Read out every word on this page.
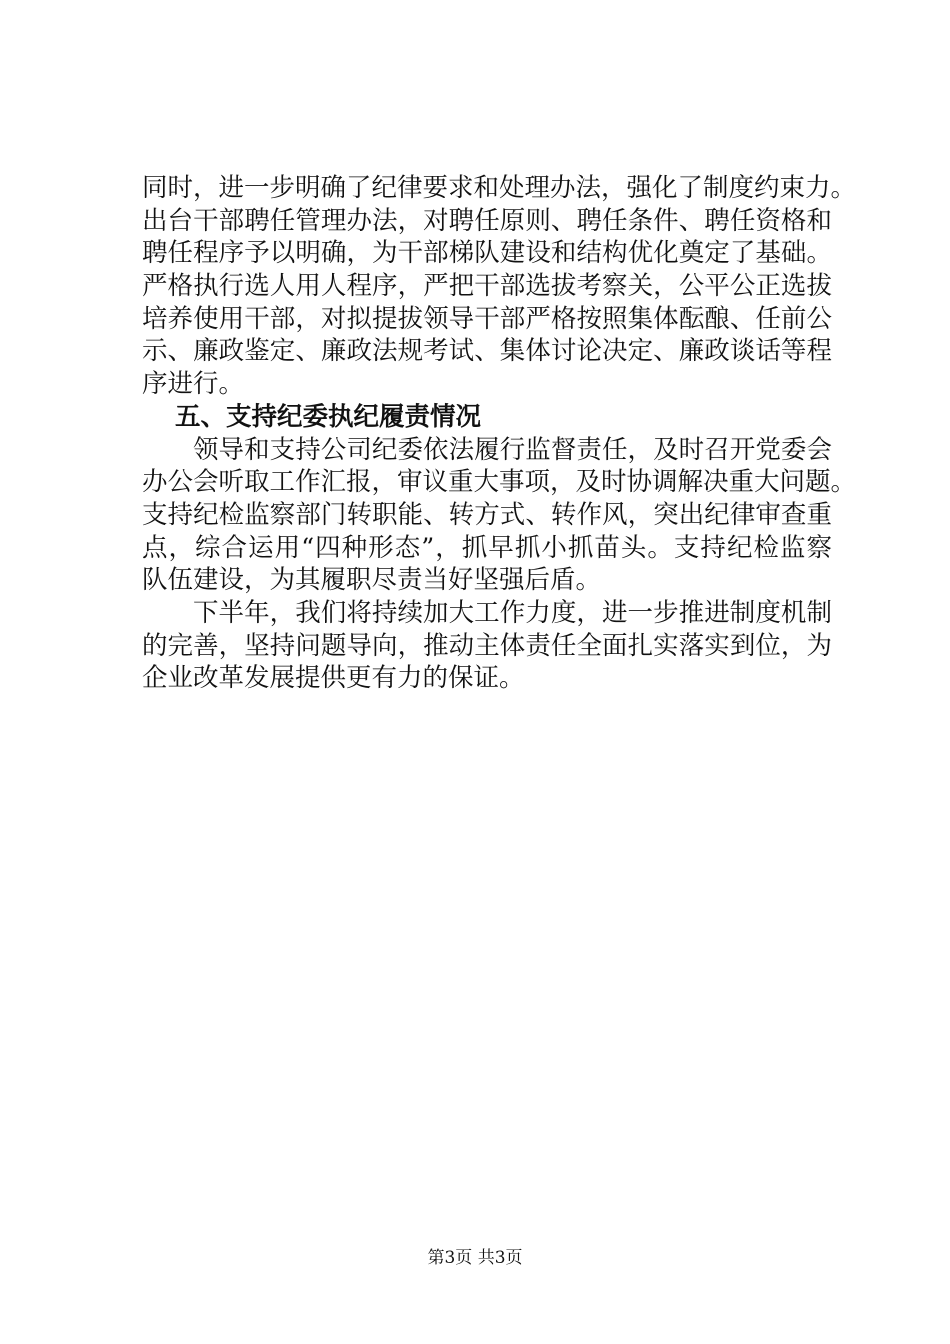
同时，进一步明确了纪律要求和处理办法，强化了制度约束力。
出台干部聘任管理办法，对聘任原则、聘任条件、聘任资格和
聘任程序予以明确，为干部梯队建设和结构优化奠定了基础。
严格执行选人用人程序，严把干部选拔考察关，公平公正选拔
培养使用干部，对拟提拔领导干部严格按照集体酝酿、任前公
示、廉政鉴定、廉政法规考试、集体讨论决定、廉政谈话等程
序进行。
五、支持纪委执纪履责情况
领导和支持公司纪委依法履行监督责任，及时召开党委会
办公会听取工作汇报，审议重大事项，及时协调解决重大问题。
支持纪检监察部门转职能、转方式、转作风，突出纪律审查重
点，综合运用“四种形态”，抓早抓小抓苗头。支持纪检监察
队伍建设，为其履职尽责当好坚强后盾。
下半年，我们将持续加大工作力度，进一步推进制度机制
的完善，坚持问题导向，推动主体责任全面扎实落实到位，为
企业改革发展提供更有力的保证。
第3页 共3页
